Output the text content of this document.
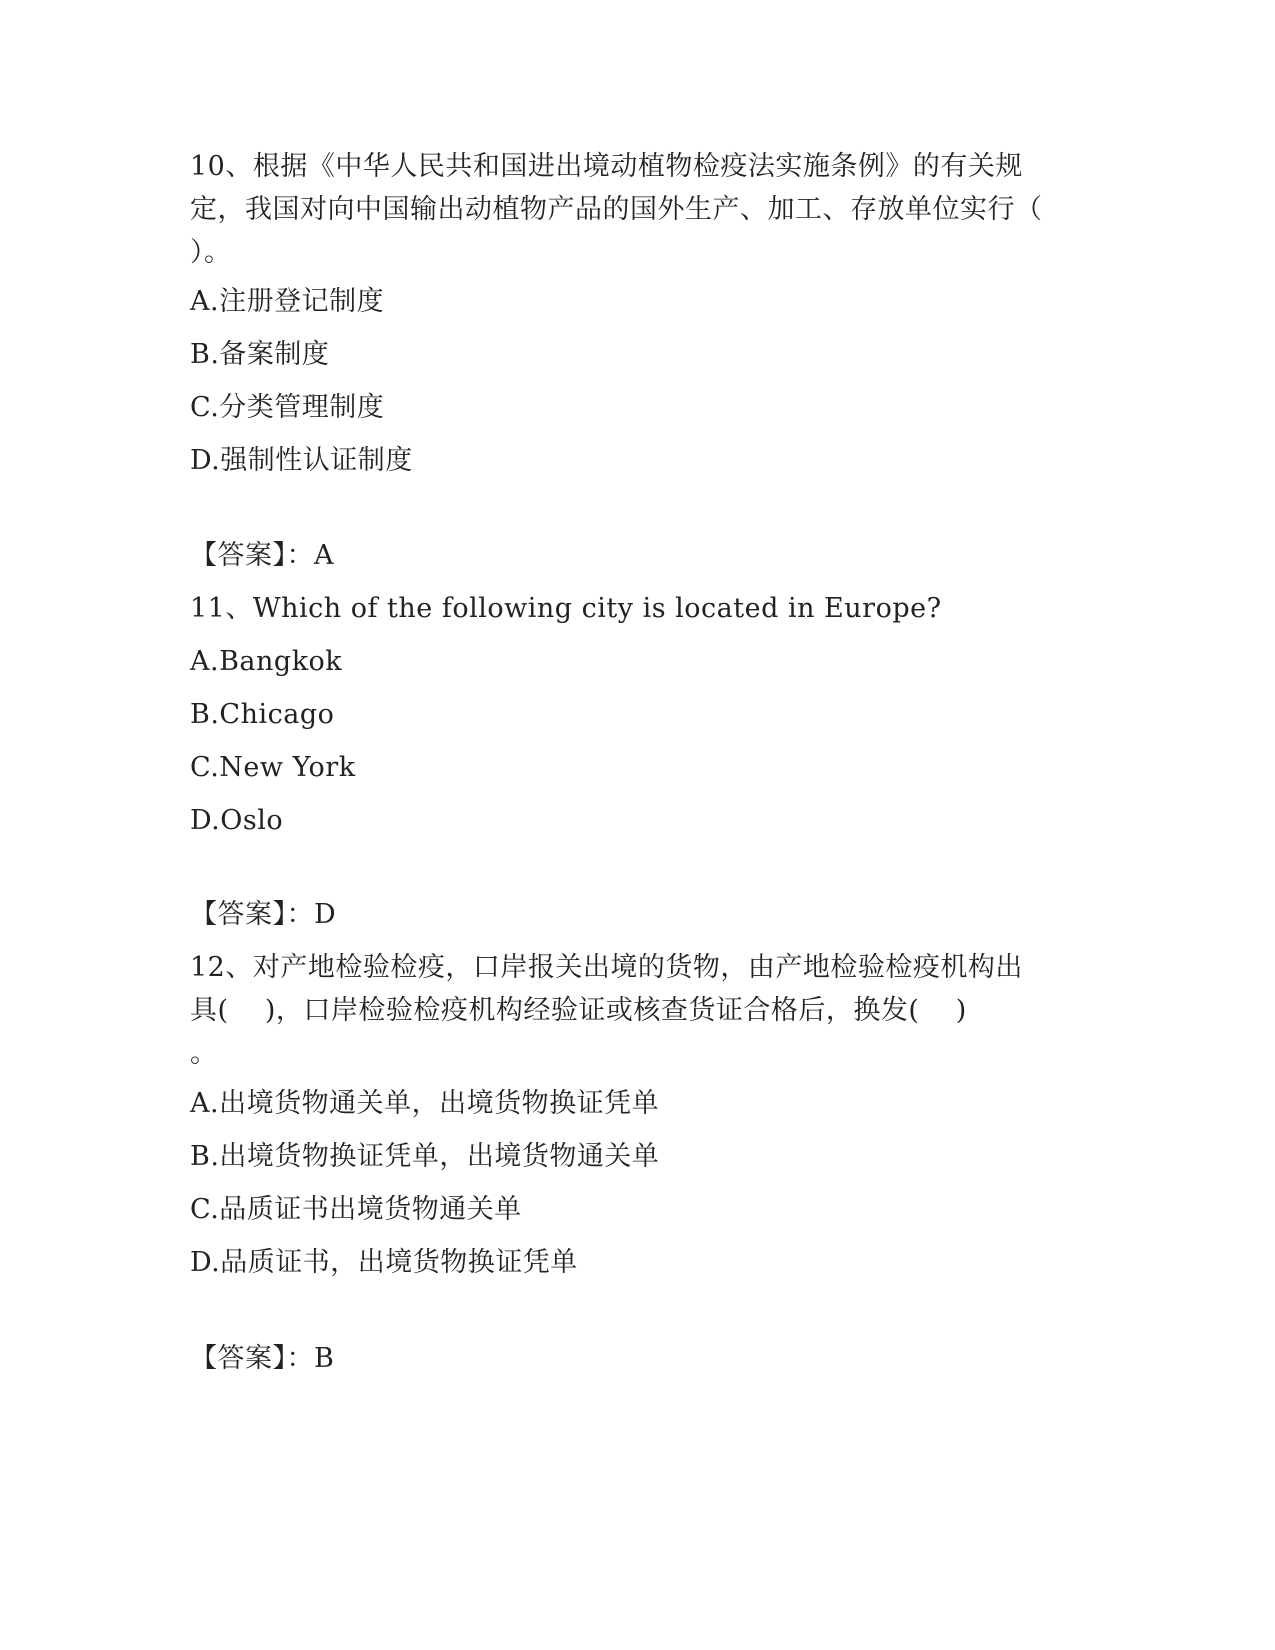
10、根据《中华人民共和国进出境动植物检疫法实施条例》的有关规
定，我国对向中国输出动植物产品的国外生产、加工、存放单位实行（
）。
A.注册登记制度
B.备案制度
C.分类管理制度
D.强制性认证制度
【答案】：A
11、Which of the following city is located in Europe?
A.Bangkok
B.Chicago
C.New York
D.Oslo
【答案】：D
12、对产地检验检疫，口岸报关出境的货物，由产地检验检疫机构出
具(    )，口岸检验检疫机构经验证或核查货证合格后，换发(    )
。
A.出境货物通关单，出境货物换证凭单
B.出境货物换证凭单，出境货物通关单
C.品质证书出境货物通关单
D.品质证书，出境货物换证凭单
【答案】：B
